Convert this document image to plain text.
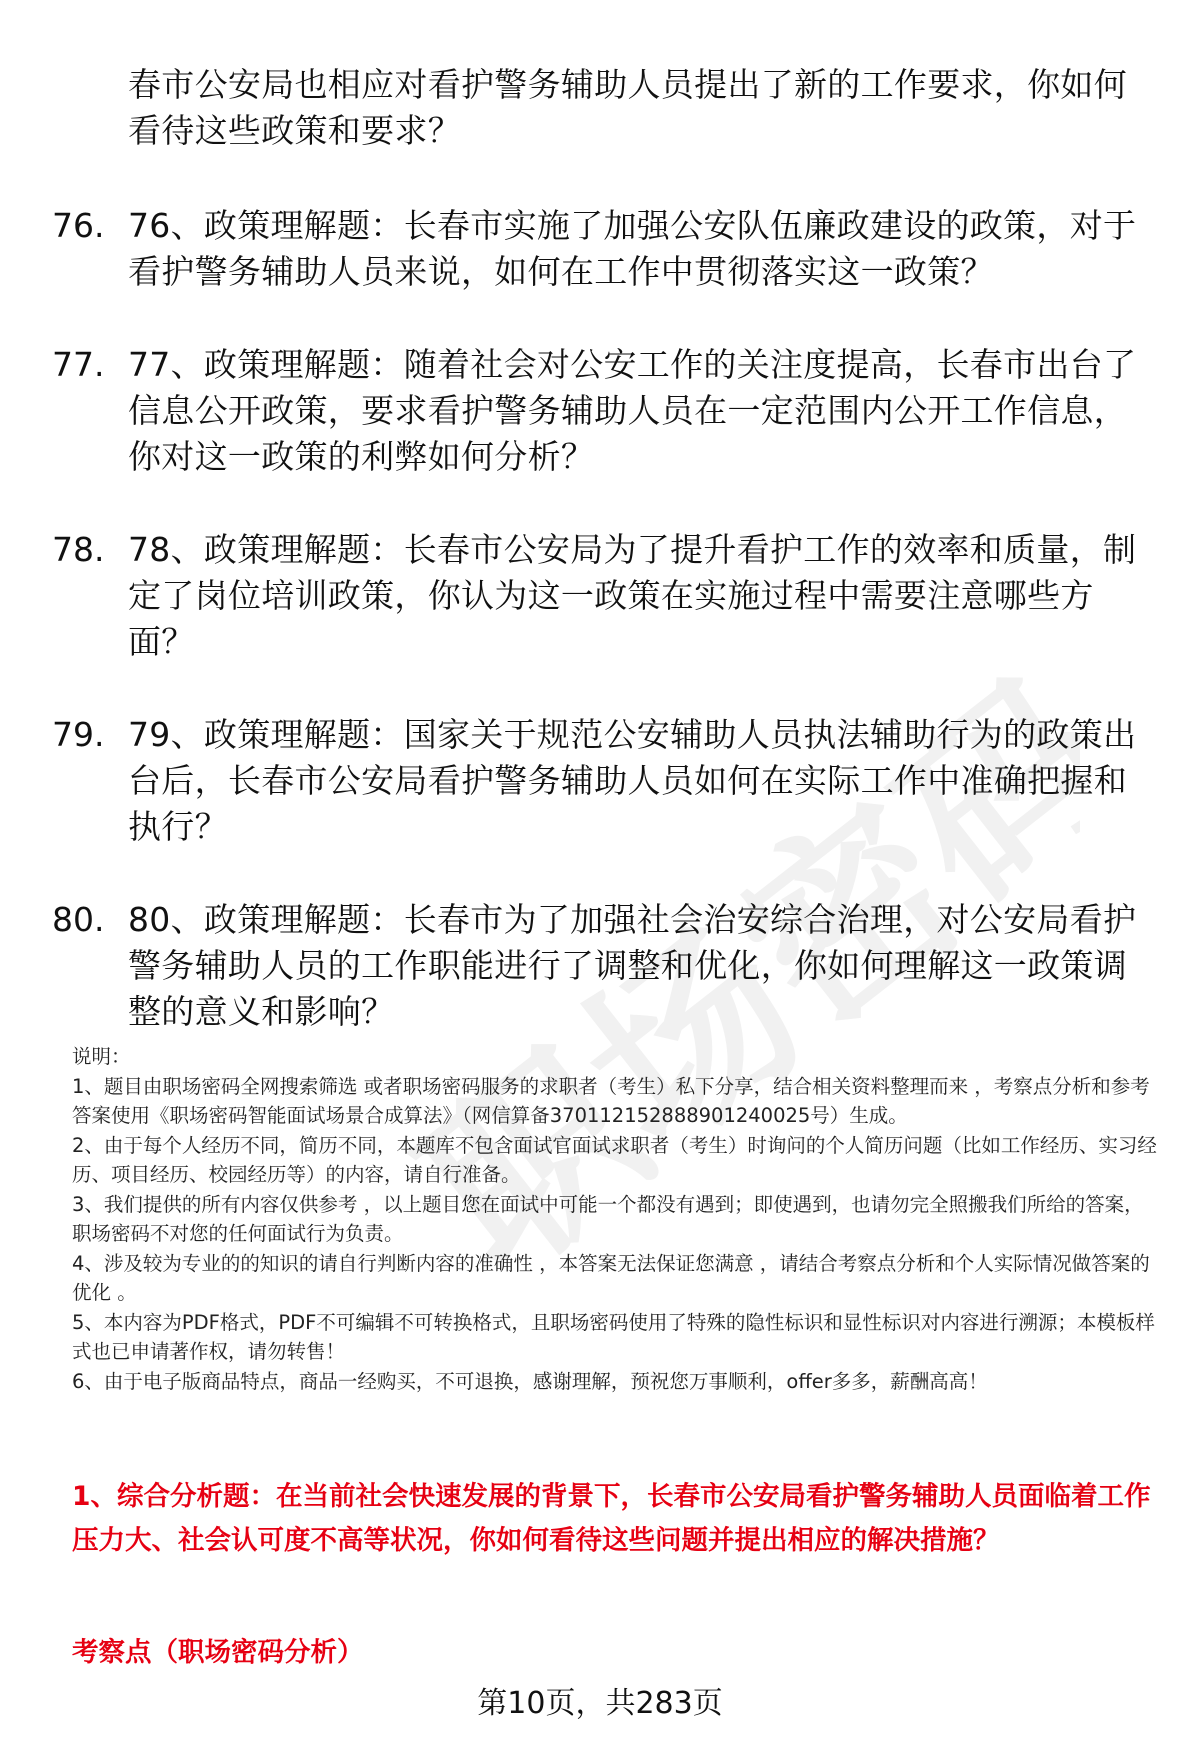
职场密码
春市公安局也相应对看护警务辅助人员提出了新的工作要求，你如何看待这些政策和要求？
76. 76、政策理解题：长春市实施了加强公安队伍廉政建设的政策，对于看护警务辅助人员来说，如何在工作中贯彻落实这一政策？
77. 77、政策理解题：随着社会对公安工作的关注度提高，长春市出台了信息公开政策，要求看护警务辅助人员在一定范围内公开工作信息，你对这一政策的利弊如何分析？
78. 78、政策理解题：长春市公安局为了提升看护工作的效率和质量，制定了岗位培训政策，你认为这一政策在实施过程中需要注意哪些方面？
79. 79、政策理解题：国家关于规范公安辅助人员执法辅助行为的政策出台后，长春市公安局看护警务辅助人员如何在实际工作中准确把握和执行？
80. 80、政策理解题：长春市为了加强社会治安综合治理，对公安局看护警务辅助人员的工作职能进行了调整和优化，你如何理解这一政策调整的意义和影响？

说明：

1、题目由职场密码全网搜索筛选 或者职场密码服务的求职者（考生）私下分享，结合相关资料整理而来 ，考察点分析和参考答案使用《职场密码智能面试场景合成算法》（网信算备370112152888901240025号）生成。

2、由于每个人经历不同，简历不同，本题库不包含面试官面试求职者（考生）时询问的个人简历问题（比如工作经历、实习经历、项目经历、校园经历等）的内容，请自行准备。

3、我们提供的所有内容仅供参考 ，以上题目您在面试中可能一个都没有遇到；即使遇到，也请勿完全照搬我们所给的答案，职场密码不对您的任何面试行为负责。

4、涉及较为专业的的知识的请自行判断内容的准确性 ，本答案无法保证您满意 ，请结合考察点分析和个人实际情况做答案的优化 。

5、本内容为PDF格式，PDF不可编辑不可转换格式，且职场密码使用了特殊的隐性标识和显性标识对内容进行溯源；本模板样式也已申请著作权，请勿转售！

6、由于电子版商品特点，商品一经购买，不可退换，感谢理解，预祝您万事顺利，offer多多，薪酬高高！

1、综合分析题：在当前社会快速发展的背景下，长春市公安局看护警务辅助人员面临着工作压力大、社会认可度不高等状况，你如何看待这些问题并提出相应的解决措施？

考察点（职场密码分析）
第10页，共283页
